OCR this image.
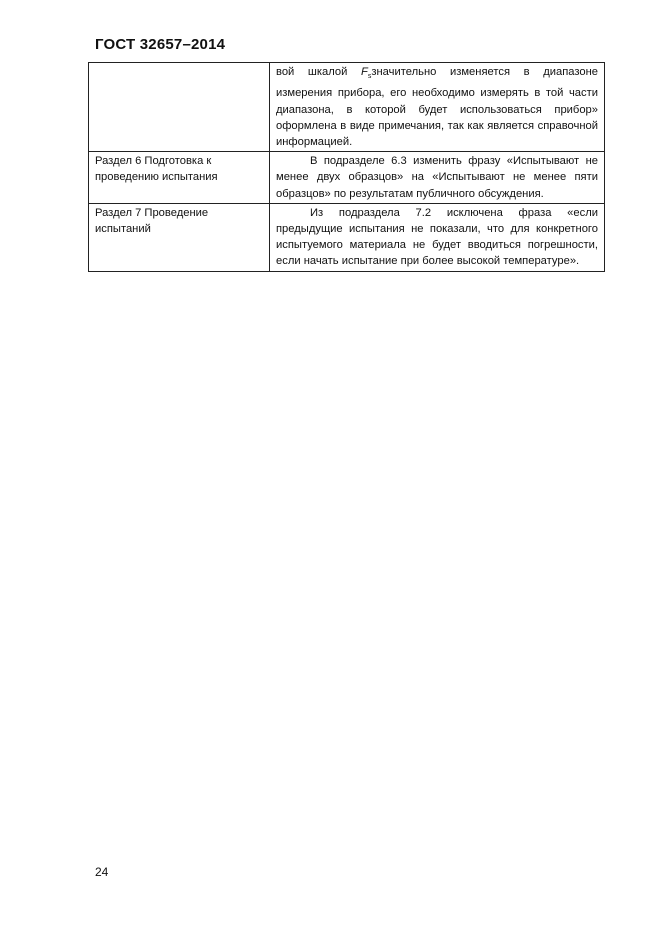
ГОСТ 32657–2014
	вой шкалой $F_sзначительно$ изменяется в диапазоне измерения прибора, его необходимо измерять в той части диапазона, в которой будет использоваться прибор» оформлена в виде примечания, так как является справочной информацией.
Раздел 6 Подготовка к проведению испытания	В подразделе 6.3 изменить фразу «Испытывают не менее двух образцов» на «Испытывают не менее пяти образцов» по результатам публичного обсуждения.
Раздел 7 Проведение испытаний	Из подраздела 7.2 исключена фраза «если предыдущие испытания не показали, что для конкретного испытуемого материала не будет вводиться погрешности, если начать испытание при более высокой температуре».
24
